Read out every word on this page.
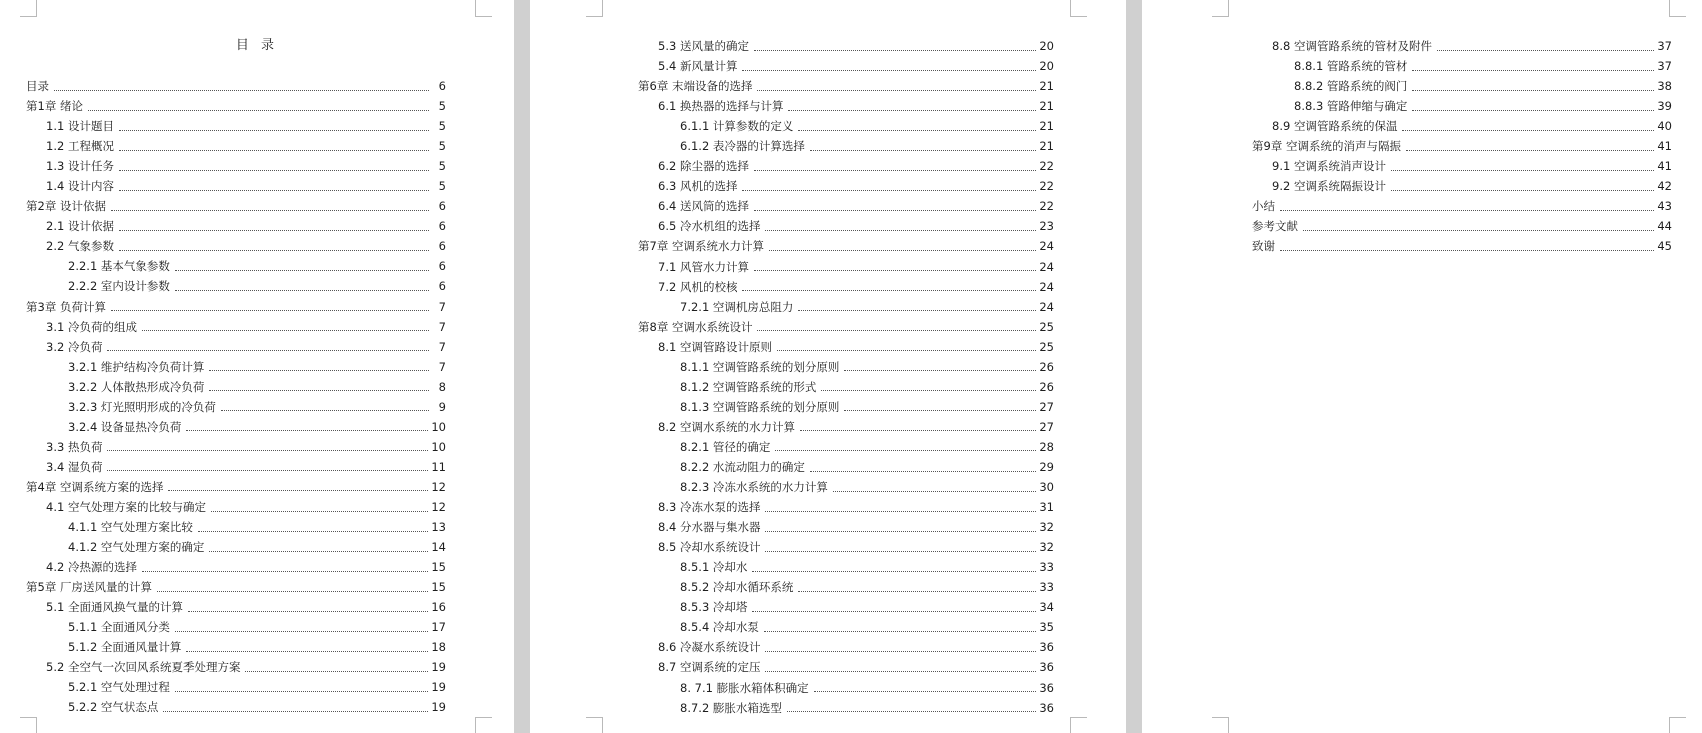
目 录
目录	6
第1章 绪论	5
1.1 设计题目	5
1.2 工程概况	5
1.3 设计任务	5
1.4 设计内容	5
第2章 设计依据	6
2.1 设计依据	6
2.2 气象参数	6
2.2.1 基本气象参数	6
2.2.2 室内设计参数	6
第3章 负荷计算	7
3.1 冷负荷的组成	7
3.2 冷负荷	7
3.2.1 维护结构冷负荷计算	7
3.2.2 人体散热形成冷负荷	8
3.2.3 灯光照明形成的冷负荷	9
3.2.4 设备显热冷负荷	10
3.3 热负荷	10
3.4 湿负荷	11
第4章 空调系统方案的选择	12
4.1 空气处理方案的比较与确定	12
4.1.1 空气处理方案比较	13
4.1.2 空气处理方案的确定	14
4.2 冷热源的选择	15
第5章 厂房送风量的计算	15
5.1 全面通风换气量的计算	16
5.1.1 全面通风分类	17
5.1.2 全面通风量计算	18
5.2 全空气一次回风系统夏季处理方案	19
5.2.1 空气处理过程	19
5.2.2 空气状态点	19
5.3 送风量的确定	20
5.4 新风量计算	20
第6章 末端设备的选择	21
6.1 换热器的选择与计算	21
6.1.1 计算参数的定义	21
6.1.2 表冷器的计算选择	21
6.2 除尘器的选择	22
6.3 风机的选择	22
6.4 送风筒的选择	22
6.5 冷水机组的选择	23
第7章 空调系统水力计算	24
7.1 风管水力计算	24
7.2 风机的校核	24
7.2.1 空调机房总阻力	24
第8章 空调水系统设计	25
8.1 空调管路设计原则	25
8.1.1 空调管路系统的划分原则	26
8.1.2 空调管路系统的形式	26
8.1.3 空调管路系统的划分原则	27
8.2 空调水系统的水力计算	27
8.2.1 管径的确定	28
8.2.2 水流动阻力的确定	29
8.2.3 冷冻水系统的水力计算	30
8.3 冷冻水泵的选择	31
8.4 分水器与集水器	32
8.5 冷却水系统设计	32
8.5.1 冷却水	33
8.5.2 冷却水循环系统	33
8.5.3 冷却塔	34
8.5.4 冷却水泵	35
8.6 冷凝水系统设计	36
8.7 空调系统的定压	36
8. 7.1 膨胀水箱体积确定	36
8.7.2 膨胀水箱选型	36
8.8 空调管路系统的管材及附件	37
8.8.1 管路系统的管材	37
8.8.2 管路系统的阀门	38
8.8.3 管路伸缩与确定	39
8.9 空调管路系统的保温	40
第9章 空调系统的消声与隔振	41
9.1 空调系统消声设计	41
9.2 空调系统隔振设计	42
小结	43
参考文献	44
致谢	45
